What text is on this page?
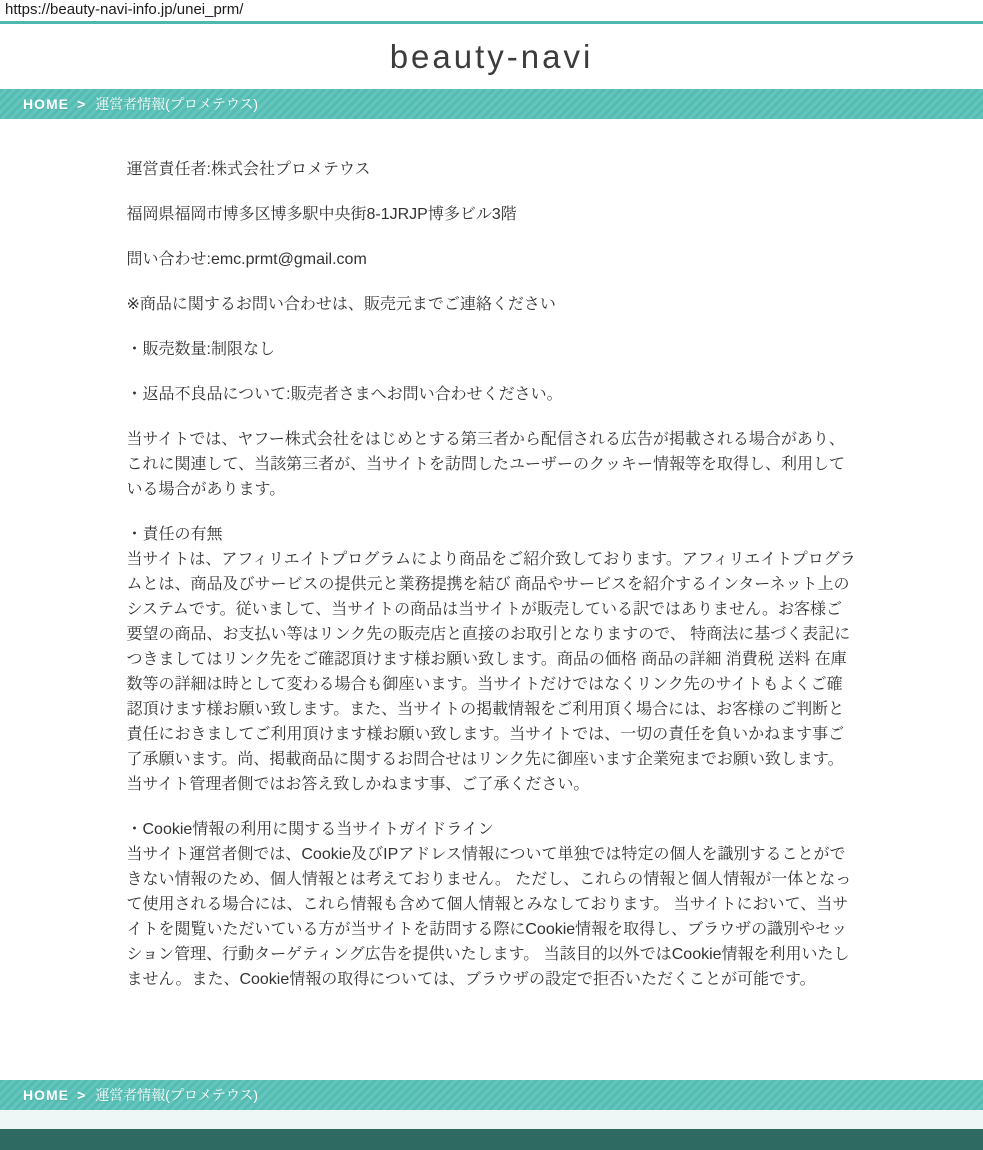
https://beauty-navi-info.jp/unei_prm/
beauty-navi
HOME > 運営者情報(プロメテウス)

運営責任者:株式会社プロメテウス

福岡県福岡市博多区博多駅中央街8-1JRJP博多ビル3階

問い合わせ:emc.prmt@gmail.com

※商品に関するお問い合わせは、販売元までご連絡ください

・販売数量:制限なし

・返品不良品について:販売者さまへお問い合わせください。

当サイトでは、ヤフー株式会社をはじめとする第三者から配信される広告が掲載される場合があり、これに関連して、当該第三者が、当サイトを訪問したユーザーのクッキー情報等を取得し、利用している場合があります。

・責任の有無
当サイトは、アフィリエイトプログラムにより商品をご紹介致しております。アフィリエイトプログラムとは、商品及びサービスの提供元と業務提携を結び 商品やサービスを紹介するインターネット上のシステムです。従いまして、当サイトの商品は当サイトが販売している訳ではありません。お客様ご要望の商品、お支払い等はリンク先の販売店と直接のお取引となりますので、 特商法に基づく表記につきましてはリンク先をご確認頂けます様お願い致します。商品の価格 商品の詳細 消費税 送料 在庫数等の詳細は時として変わる場合も御座います。当サイトだけではなくリンク先のサイトもよくご確認頂けます様お願い致します。また、当サイトの掲載情報をご利用頂く場合には、お客様のご判断と責任におきましてご利用頂けます様お願い致します。当サイトでは、一切の責任を負いかねます事ご了承願います。尚、掲載商品に関するお問合せはリンク先に御座います企業宛までお願い致します。当サイト管理者側ではお答え致しかねます事、ご了承ください。

・Cookie情報の利用に関する当サイトガイドライン
当サイト運営者側では、Cookie及びIPアドレス情報について単独では特定の個人を識別することができない情報のため、個人情報とは考えておりません。 ただし、これらの情報と個人情報が一体となって使用される場合には、これら情報も含めて個人情報とみなしております。 当サイトにおいて、当サイトを閲覧いただいている方が当サイトを訪問する際にCookie情報を取得し、ブラウザの識別やセッション管理、行動ターゲティング広告を提供いたします。 当該目的以外ではCookie情報を利用いたしません。また、Cookie情報の取得については、ブラウザの設定で拒否いただくことが可能です。

HOME > 運営者情報(プロメテウス)
